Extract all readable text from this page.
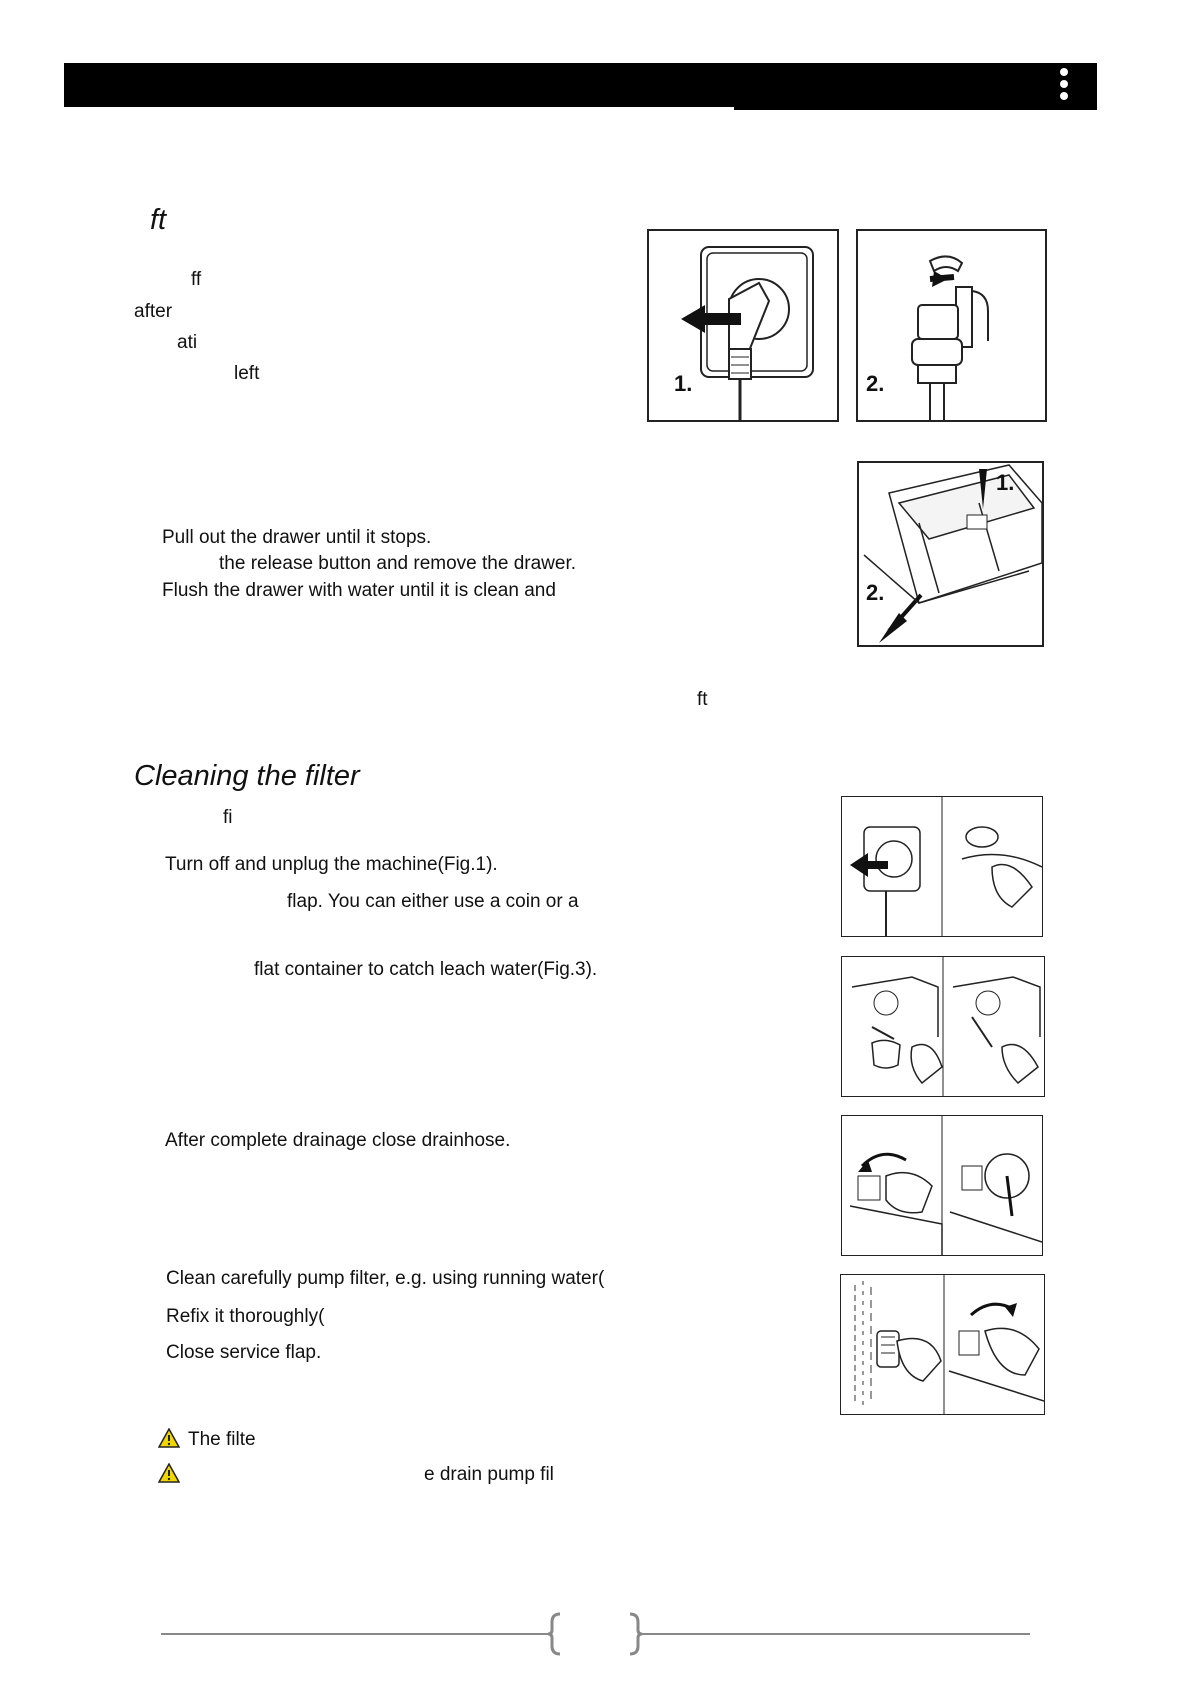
ft
ff
after
ati
left	1.	2.
Pull out the drawer until it stops.
the release button and remove the drawer.
Flush the drawer with water until it is clean and
ft
1.
2.
Cleaning the filter
fi
Turn off and unplug the machine(Fig.1).
flap. You can either use a coin or a
flat container to catch leach water(Fig.3).
After complete drainage close drainhose.
Clean carefully pump filter, e.g. using running water(
Refix it thoroughly(
Close service flap.
The filte
e drain pump fil
